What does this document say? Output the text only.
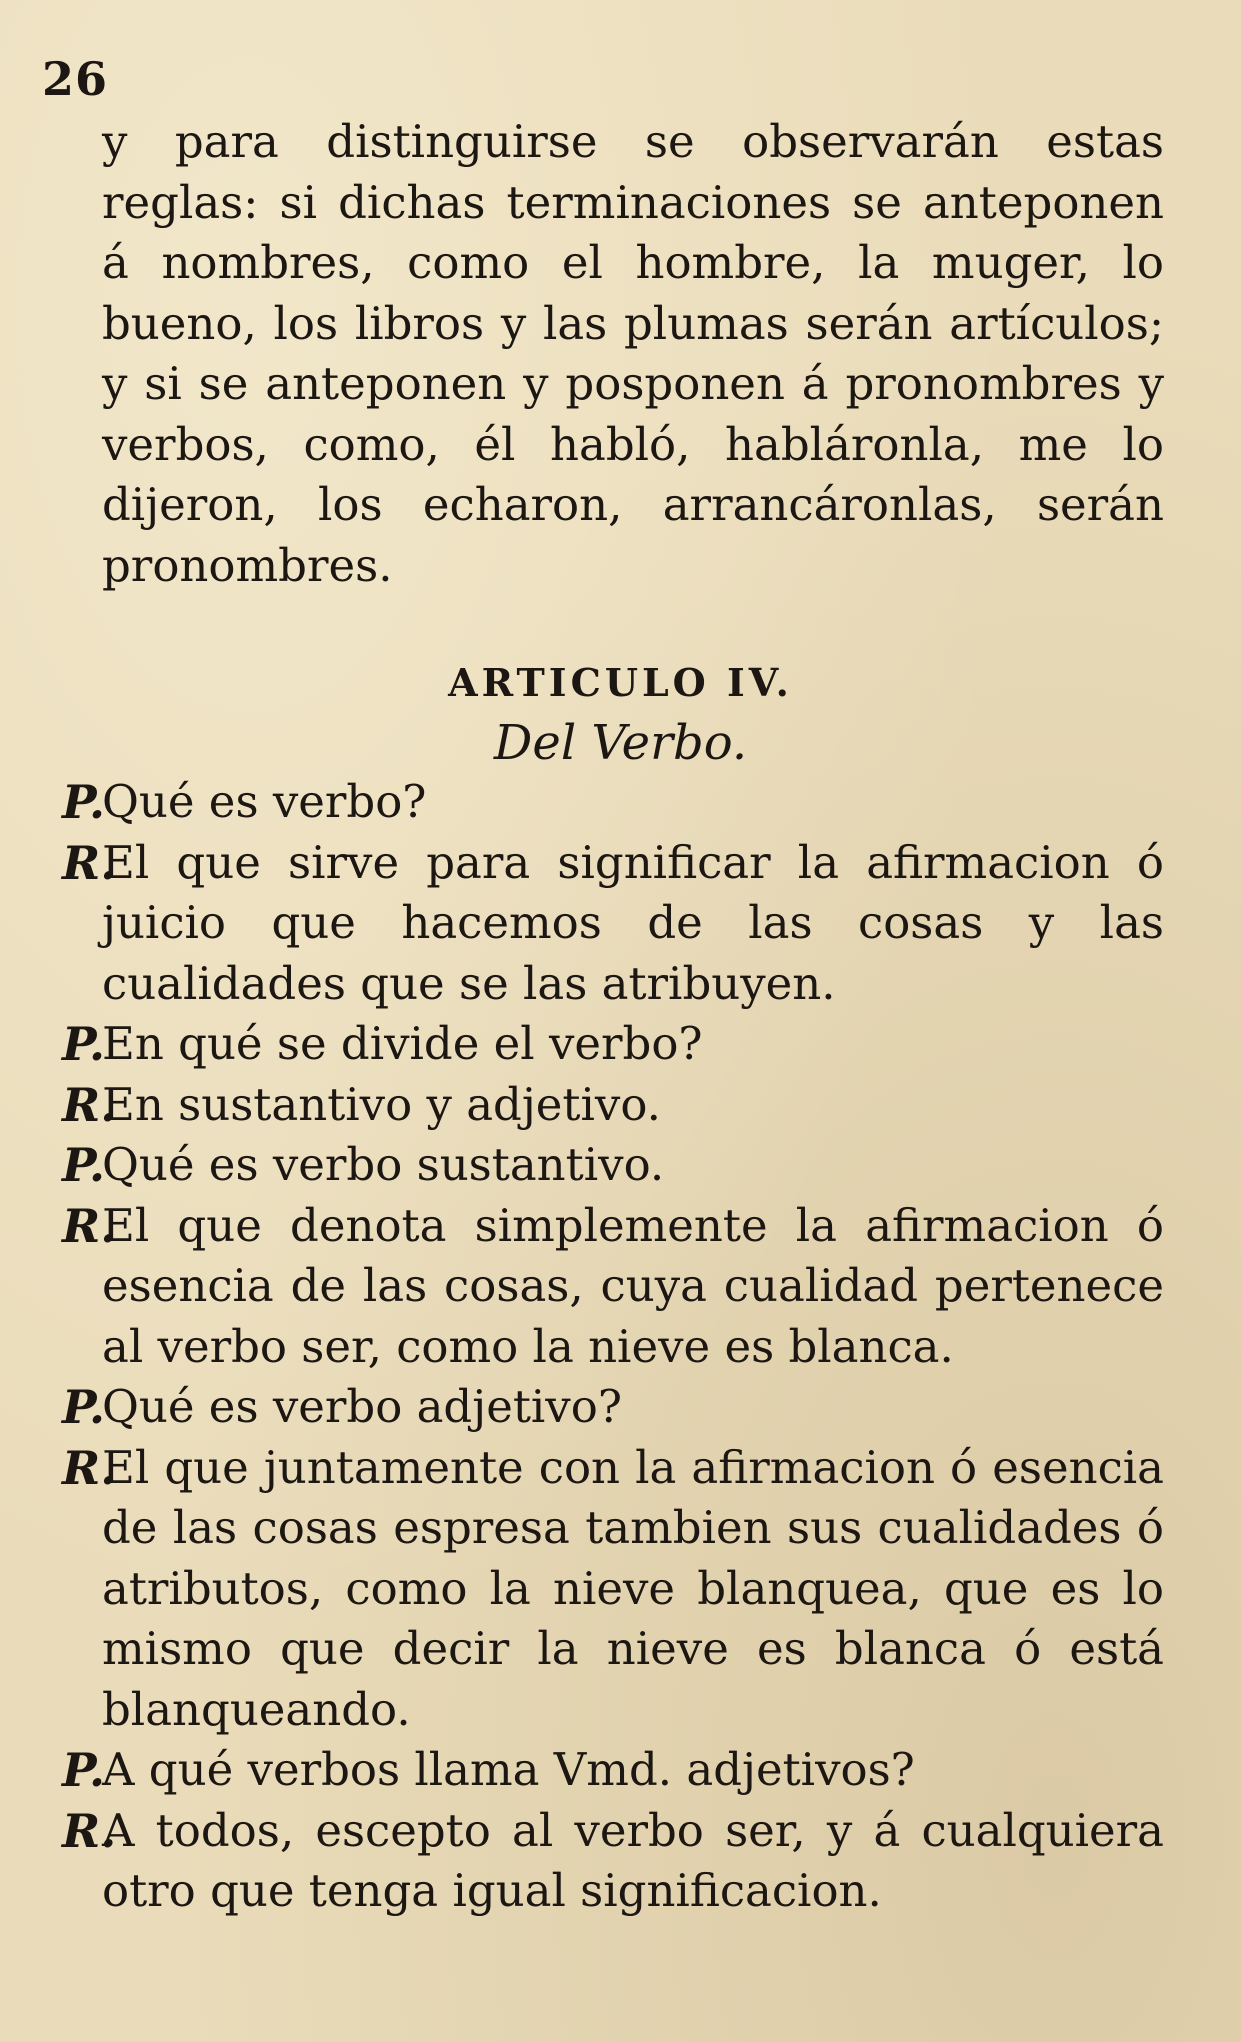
26

y para distinguirse se observarán estas reglas: si dichas terminaciones se anteponen á nombres, como el hombre, la muger, lo bueno, los libros y las plumas serán artículos; y si se anteponen y posponen á pronombres y verbos, como, él habló, habláronla, me lo dijeron, los echaron, arrancáronlas, serán pronombres.

ARTICULO IV.
Del Verbo.
P.
Qué es verbo?
R.
El que sirve para significar la afirmacion ó juicio que hacemos de las cosas y las cualidades que se las atribuyen.
P.
En qué se divide el verbo?
R.
En sustantivo y adjetivo.
P.
Qué es verbo sustantivo.
R.
El que denota simplemente la afirmacion ó esencia de las cosas, cuya cualidad pertenece al verbo ser, como la nieve es blanca.
P.
Qué es verbo adjetivo?
R.
El que juntamente con la afirmacion ó esencia de las cosas espresa tambien sus cualidades ó atributos, como la nieve blanquea, que es lo mismo que decir la nieve es blanca ó está blanqueando.
P.
A qué verbos llama Vmd. adjetivos?
R.
A todos, escepto al verbo ser, y á cualquiera otro que tenga igual significacion.
